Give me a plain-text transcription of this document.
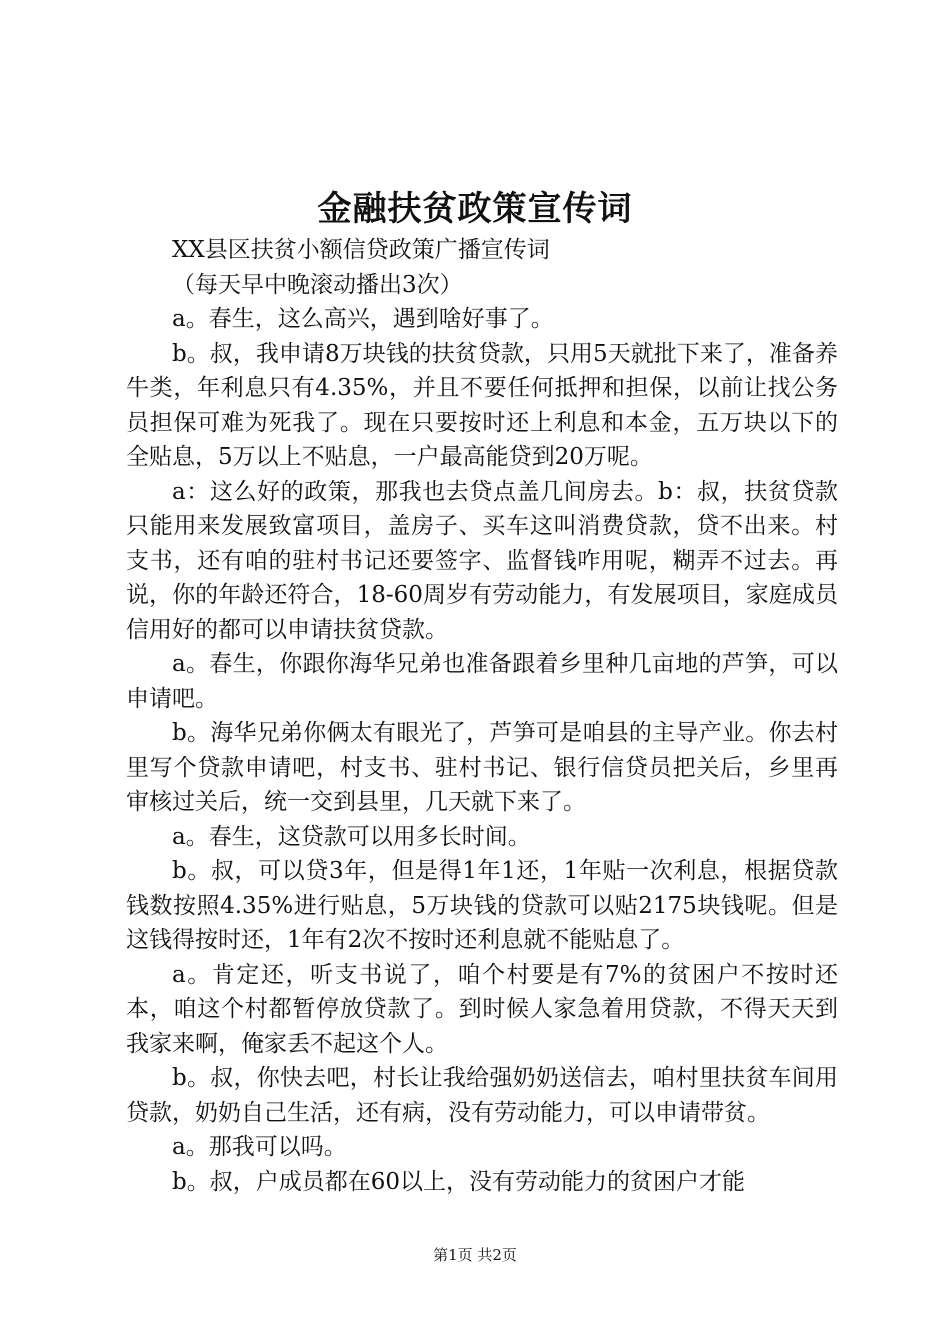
金融扶贫政策宣传词

XX县区扶贫小额信贷政策广播宣传词

（每天早中晚滚动播出3次）

a。春生，这么高兴，遇到啥好事了。

b。叔，我申请8万块钱的扶贫贷款，只用5天就批下来了，准备养牛类，年利息只有4.35%，并且不要任何抵押和担保，以前让找公务员担保可难为死我了。现在只要按时还上利息和本金，五万块以下的全贴息，5万以上不贴息，一户最高能贷到20万呢。

a：这么好的政策，那我也去贷点盖几间房去。b：叔，扶贫贷款只能用来发展致富项目，盖房子、买车这叫消费贷款，贷不出来。村支书，还有咱的驻村书记还要签字、监督钱咋用呢，糊弄不过去。再说，你的年龄还符合，18-60周岁有劳动能力，有发展项目，家庭成员信用好的都可以申请扶贫贷款。

a。春生，你跟你海华兄弟也准备跟着乡里种几亩地的芦笋，可以申请吧。

b。海华兄弟你俩太有眼光了，芦笋可是咱县的主导产业。你去村里写个贷款申请吧，村支书、驻村书记、银行信贷员把关后，乡里再审核过关后，统一交到县里，几天就下来了。

a。春生，这贷款可以用多长时间。

b。叔，可以贷3年，但是得1年1还，1年贴一次利息，根据贷款钱数按照4.35%进行贴息，5万块钱的贷款可以贴2175块钱呢。但是这钱得按时还，1年有2次不按时还利息就不能贴息了。

a。肯定还，听支书说了，咱个村要是有7%的贫困户不按时还本，咱这个村都暂停放贷款了。到时候人家急着用贷款，不得天天到我家来啊，俺家丢不起这个人。

b。叔，你快去吧，村长让我给强奶奶送信去，咱村里扶贫车间用贷款，奶奶自己生活，还有病，没有劳动能力，可以申请带贫。

a。那我可以吗。

b。叔，户成员都在60以上，没有劳动能力的贫困户才能

第1页 共2页
